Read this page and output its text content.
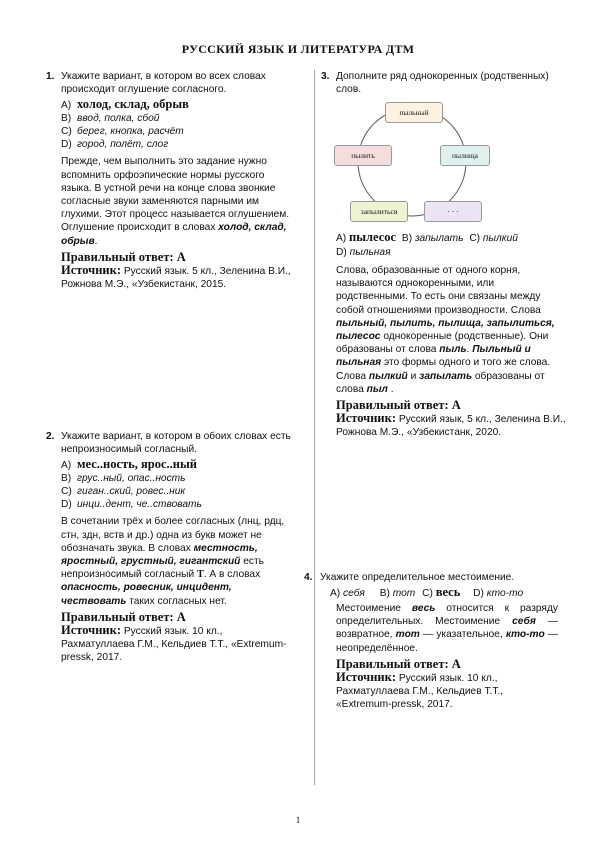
РУССКИЙ ЯЗЫК И ЛИТЕРАТУРА ДТМ
1. Укажите вариант, в котором во всех словах происходит оглушение согласного.
A) холод, склад, обрыв
B) ввод, полка, сбой
C) берег, кнопка, расчёт
D) город, полёт, слог
Прежде, чем выполнить это задание нужно вспомнить орфоэпические нормы русского языка. В устной речи на конце слова звонкие согласные звуки заменяются парными им глухими. Этот процесс называется оглушением. Оглушение происходит в словах холод, склад, обрыв.
Правильный ответ: A
Источник: Русский язык. 5 кл., Зеленина В.И., Рожнова М.Э., «Узбекистанк, 2015.
2. Укажите вариант, в котором в обоих словах есть непроизносимый согласный.
A) мес..ность, ярос..ный
B) грус..ный, опас..ность
C) гиган..ский, ровес..ник
D) инци..дент, че..ствовать
В сочетании трёх и более согласных (лнц, рдц, стн, здн, вств и др.) одна из букв может не обозначать звука. В словах местность, яростный, грустный, гигантский есть непроизносимый согласный Т. А в словах опасность, ровесник, инцидент, чествовать таких согласных нет.
Правильный ответ: A
Источник: Русский язык. 10 кл., Рахматуллаева Г.М., Кельдиев Т.Т., «Extremum-pressk, 2017.
3. Дополните ряд однокоренных (родственных) слов.
пыльный
пылища
· · ·
запылиться
пылить
A) пылесос B) запылать C) пылкий
D) пыльная
Слова, образованные от одного корня, называются однокоренными, или родственными. То есть они связаны между собой отношениями производности. Слова пыльный, пылить, пылища, запылиться, пылесос однокоренные (родственные). Они образованы от слова пыль. Пыльный и пыльная это формы одного и того же слова. Слова пылкий и запылать образованы от слова пыл .
Правильный ответ: A
Источник: Русский язык, 5 кл., Зеленина В.И., Рожнова М.Э., «Узбекистанк, 2020.
4. Укажите определительное местоимение.
A) себя B) тот C) весь D) кто-то
Местоимение весь относится к разряду определительных. Местоимение себя — возвратное, тот — указательное, кто-то — неопределённое.
Правильный ответ: A
Источник: Русский язык. 10 кл., Рахматуллаева Г.М., Кельдиев Т.Т., «Extremum-pressk, 2017.
1
